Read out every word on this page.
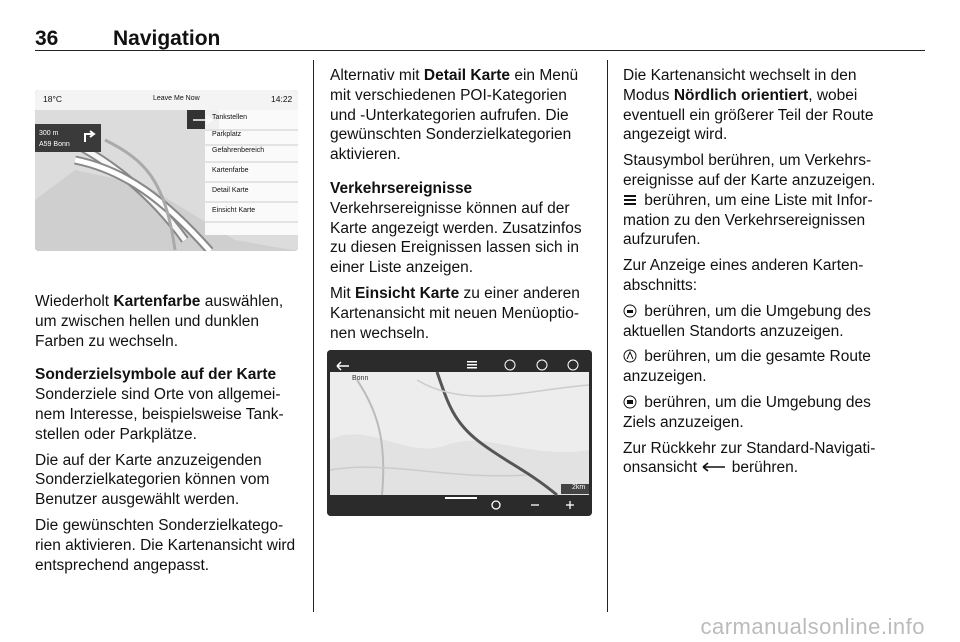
36	Navigation
18°C	Leave Me Now	14:22
300 m
A59 Bonn
Tankstellen
Parkplatz
Gefahrenbereich
Kartenfarbe
Detail Karte
Einsicht Karte

Wiederholt Kartenfarbe auswählen, um zwischen hellen und dunklen Farben zu wechseln.

Sonderzielsymbole auf der Karte
Sonderziele sind Orte von allgemei‑ nem Interesse, beispielsweise Tank‑ stellen oder Parkplätze.

Die auf der Karte anzuzeigenden Sonderzielkategorien können vom Benutzer ausgewählt werden.

Die gewünschten Sonderzielkatego‑ rien aktivieren. Die Kartenansicht wird entsprechend angepasst.

Alternativ mit Detail Karte ein Menü mit verschiedenen POI-Kategorien und -Unterkategorien aufrufen. Die gewünschten Sonderzielkategorien aktivieren.

Verkehrsereignisse
Verkehrsereignisse können auf der Karte angezeigt werden. Zusatzinfos zu diesen Ereignissen lassen sich in einer Liste anzeigen.

Mit Einsicht Karte zu einer anderen Kartenansicht mit neuen Menüoptio‑ nen wechseln.

Bonn
2km

Die Kartenansicht wechselt in den Modus Nördlich orientiert, wobei eventuell ein größerer Teil der Route angezeigt wird.

Stausymbol berühren, um Verkehrs‑ ereignisse auf der Karte anzuzeigen.
berühren, um eine Liste mit Infor‑ mation zu den Verkehrsereignissen aufzurufen.

Zur Anzeige eines anderen Karten‑ abschnitts:

berühren, um die Umgebung des aktuellen Standorts anzuzeigen.

berühren, um die gesamte Route anzuzeigen.

berühren, um die Umgebung des Ziels anzuzeigen.

Zur Rückkehr zur Standard-Navigati‑ onsansicht  berühren.

carmanualsonline.info
